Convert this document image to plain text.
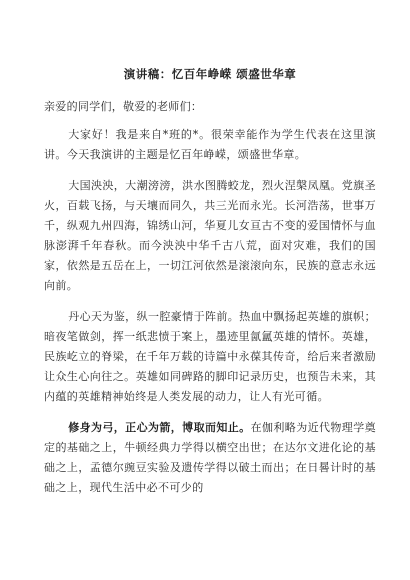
演讲稿：忆百年峥嵘 颂盛世华章

亲爱的同学们，敬爱的老师们：

大家好！我是来自*班的*。很荣幸能作为学生代表在这里演讲。今天我演讲的主题是忆百年峥嵘，颂盛世华章。

大国泱泱，大潮滂滂，洪水图腾蛟龙，烈火涅槃凤凰。党旗圣火，百载飞扬，与天壤而同久，共三光而永光。长河浩荡，世事万千，纵观九州四海，锦绣山河，华夏儿女亘古不变的爱国情怀与血脉澎湃千年春秋。而今泱泱中华千古八荒，面对灾难，我们的国家，依然是五岳在上，一切江河依然是滚滚向东，民族的意志永远向前。

丹心天为鉴，纵一腔豪情于阵前。热血中飘扬起英雄的旗帜；暗夜笔做剑，挥一纸悲愤于案上，墨迹里氤氲英雄的情怀。英雄，民族屹立的脊梁，在千年万载的诗篇中永葆其传奇，给后来者激励让众生心向往之。英雄如同碑路的脚印记录历史，也预告未来，其内蕴的英雄精神始终是人类发展的动力，让人有光可循。

修身为弓，正心为箭，博取而知止。在伽利略为近代物理学奠定的基础之上，牛顿经典力学得以横空出世；在达尔文进化论的基础之上，孟德尔豌豆实验及遗传学得以破土而出；在日晷计时的基础之上，现代生活中必不可少的
